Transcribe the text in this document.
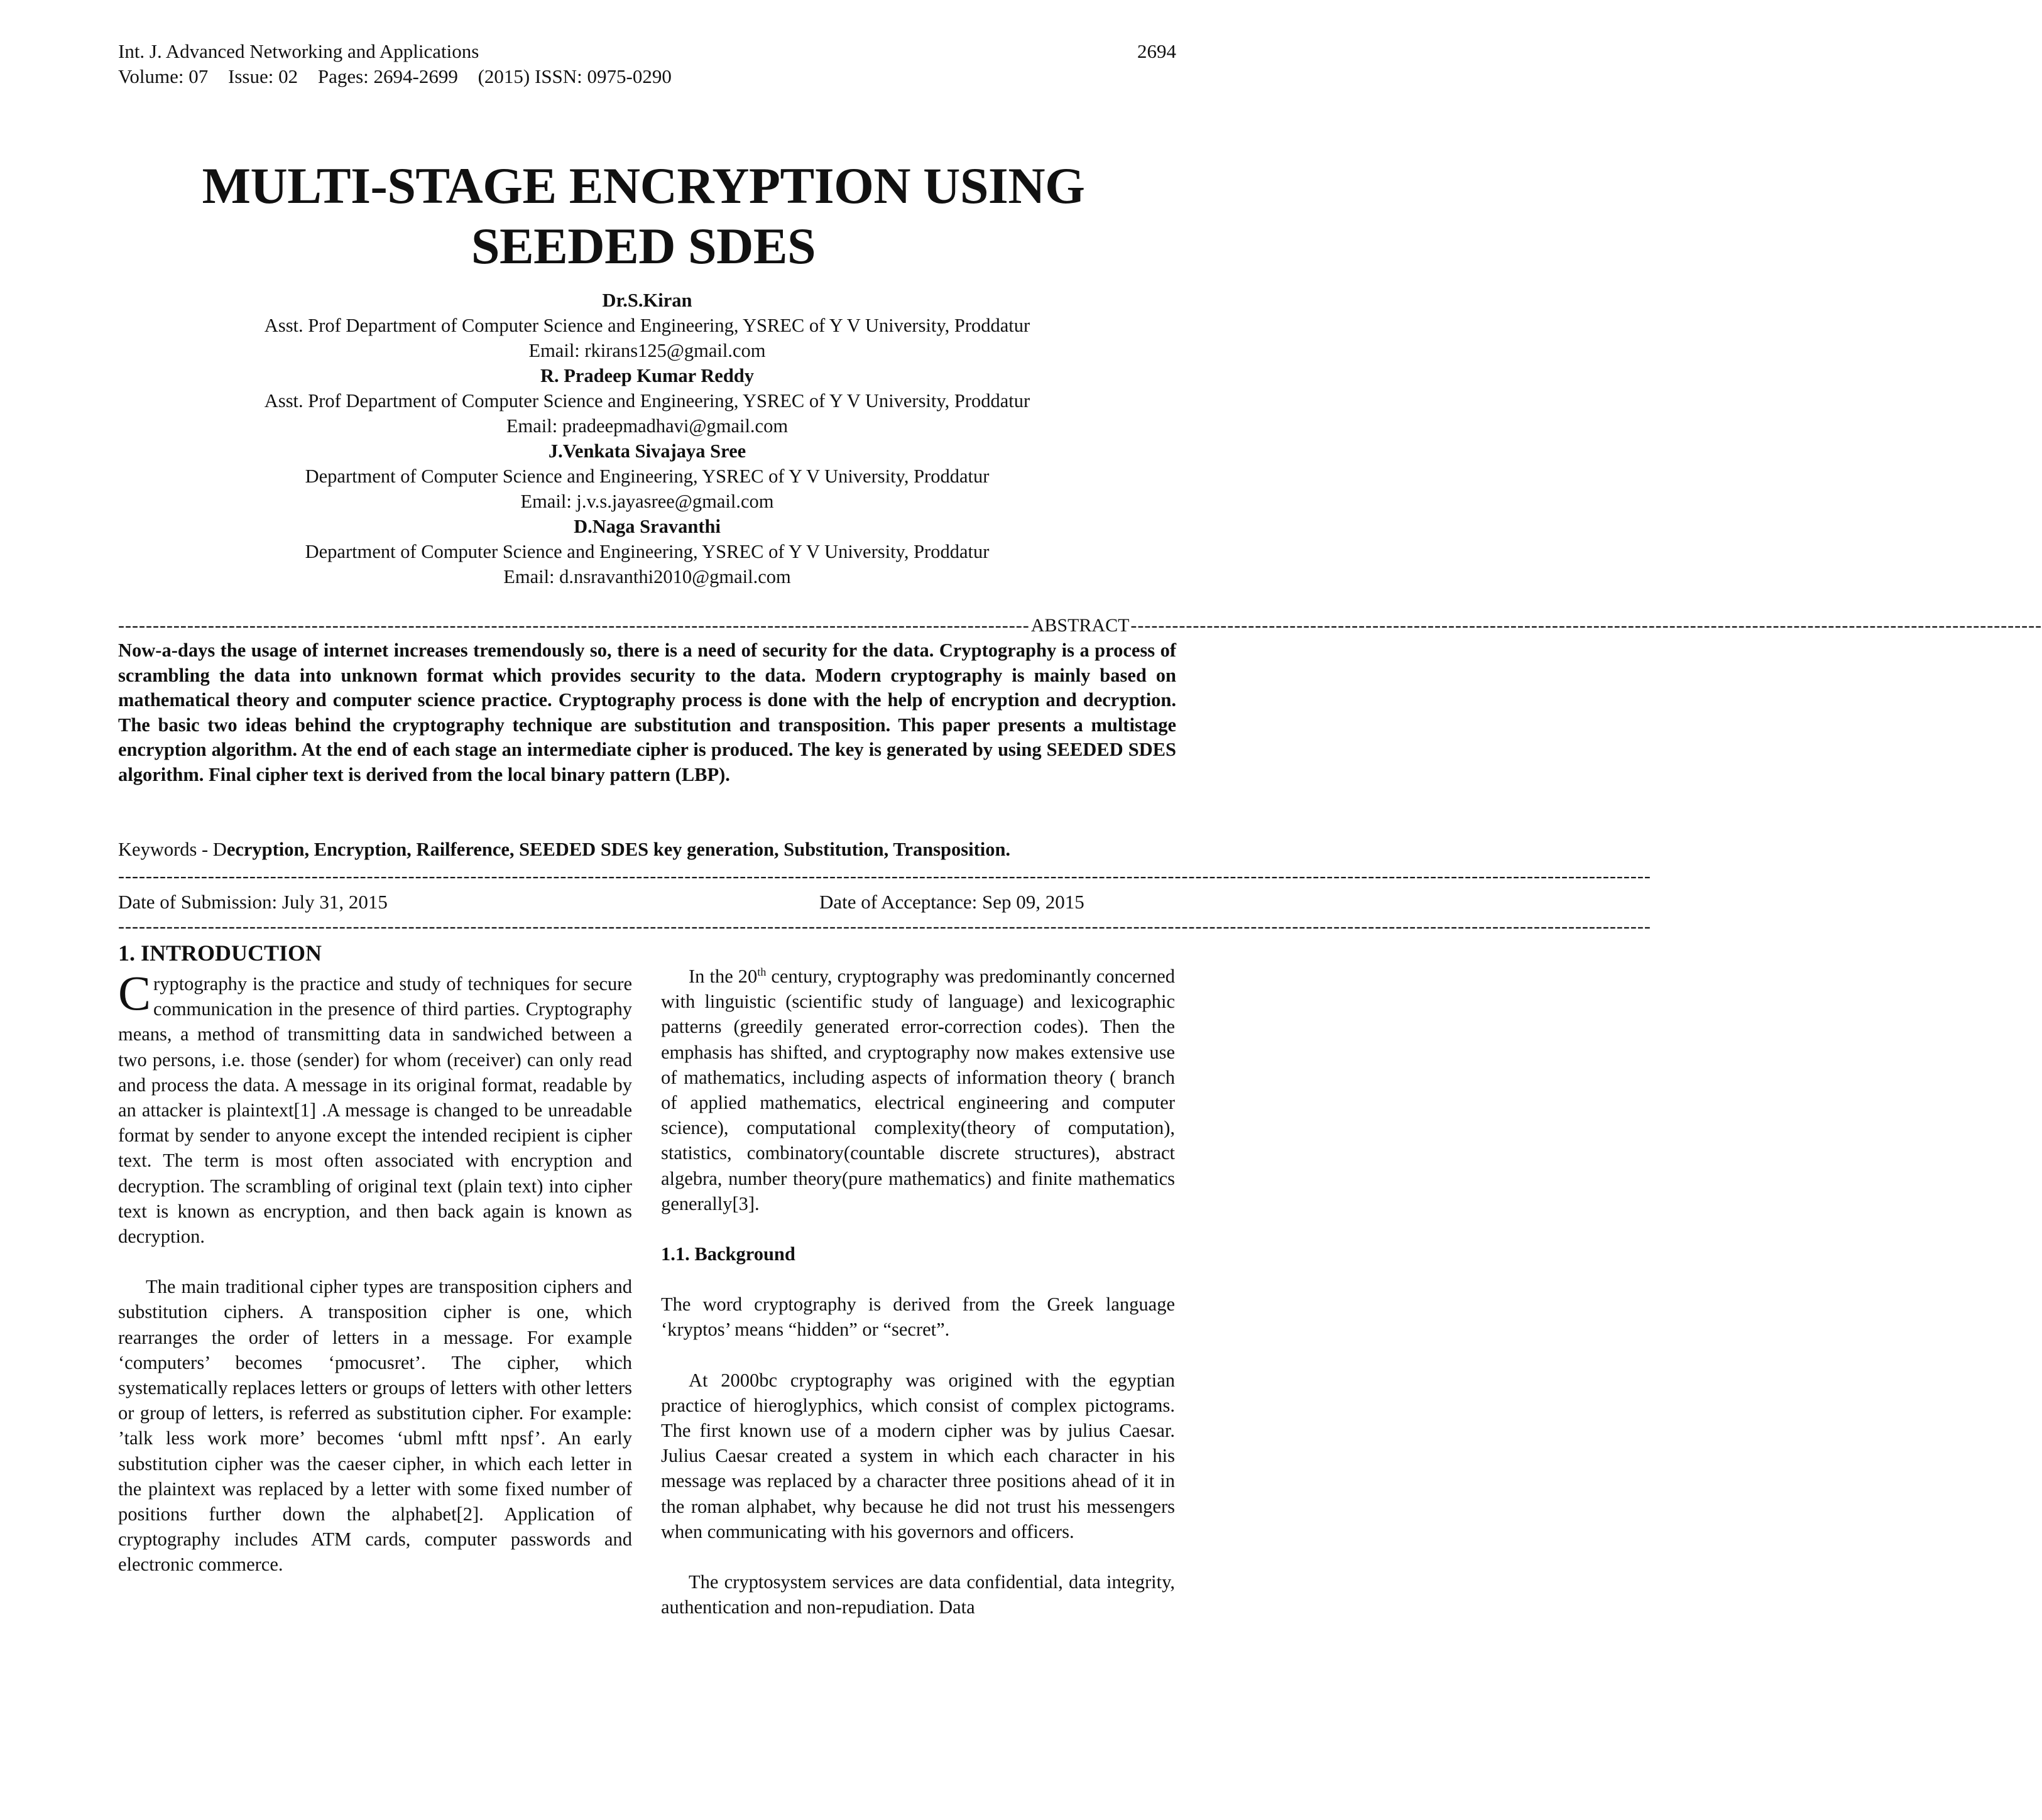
Int. J. Advanced Networking and Applications	2694
Volume: 07 Issue: 02 Pages: 2694-2699 (2015) ISSN: 0975-0290
MULTI-STAGE ENCRYPTION USING
SEEDED SDES
Dr.S.Kiran
Asst. Prof Department of Computer Science and Engineering, YSREC of Y V University, Proddatur
Email: rkirans125@gmail.com
R. Pradeep Kumar Reddy
Asst. Prof Department of Computer Science and Engineering, YSREC of Y V University, Proddatur
Email: pradeepmadhavi@gmail.com
J.Venkata Sivajaya Sree
Department of Computer Science and Engineering, YSREC of Y V University, Proddatur
Email: j.v.s.jayasree@gmail.com
D.Naga Sravanthi
Department of Computer Science and Engineering, YSREC of Y V University, Proddatur
Email: d.nsravanthi2010@gmail.com
------------------------------------------------------------------------------------------------------------------------------------ ABSTRACT ------------------------------------------------------------------------------------------------------------------------------------
Now-a-days the usage of internet increases tremendously so, there is a need of security for the data. Cryptography is a process of scrambling the data into unknown format which provides security to the data. Modern cryptography is mainly based on mathematical theory and computer science practice. Cryptography process is done with the help of encryption and decryption. The basic two ideas behind the cryptography technique are substitution and transposition. This paper presents a multistage encryption algorithm. At the end of each stage an intermediate cipher is produced. The key is generated by using SEEDED SDES algorithm. Final cipher text is derived from the local binary pattern (LBP).
Keywords - Decryption, Encryption, Railference, SEEDED SDES key generation, Substitution, Transposition.
------------------------------------------------------------------------------------------------------------------------------------------------------------------------------------------------------------------------------
Date of Submission: July 31, 2015	Date of Acceptance: Sep 09, 2015
------------------------------------------------------------------------------------------------------------------------------------------------------------------------------------------------------------------------------
1. INTRODUCTION

Cryptography is the practice and study of techniques for secure communication in the presence of third parties. Cryptography means, a method of transmitting data in sandwiched between a two persons, i.e. those (sender) for whom (receiver) can only read and process the data. A message in its original format, readable by an attacker is plaintext[1] .A message is changed to be unreadable format by sender to anyone except the intended recipient is cipher text. The term is most often associated with encryption and decryption. The scrambling of original text (plain text) into cipher text is known as encryption, and then back again is known as decryption.

The main traditional cipher types are transposition ciphers and substitution ciphers. A transposition cipher is one, which rearranges the order of letters in a message. For example ‘computers’ becomes ‘pmocusret’. The cipher, which systematically replaces letters or groups of letters with other letters or group of letters, is referred as substitution cipher. For example: ’talk less work more’ becomes ‘ubml mftt npsf’. An early substitution cipher was the caeser cipher, in which each letter in the plaintext was replaced by a letter with some fixed number of positions further down the alphabet[2]. Application of cryptography includes ATM cards, computer passwords and electronic commerce.

In the 20th century, cryptography was predominantly concerned with linguistic (scientific study of language) and lexicographic patterns (greedily generated error-correction codes). Then the emphasis has shifted, and cryptography now makes extensive use of mathematics, including aspects of information theory ( branch of applied mathematics, electrical engineering and computer science), computational complexity(theory of computation), statistics, combinatory(countable discrete structures), abstract algebra, number theory(pure mathematics) and finite mathematics generally[3].

1.1. Background

The word cryptography is derived from the Greek language ‘kryptos’ means “hidden” or “secret”.

At 2000bc cryptography was origined with the egyptian practice of hieroglyphics, which consist of complex pictograms. The first known use of a modern cipher was by julius Caesar. Julius Caesar created a system in which each character in his message was replaced by a character three positions ahead of it in the roman alphabet, why because he did not trust his messengers when communicating with his governors and officers.

The cryptosystem services are data confidential, data integrity, authentication and non-repudiation. Data
